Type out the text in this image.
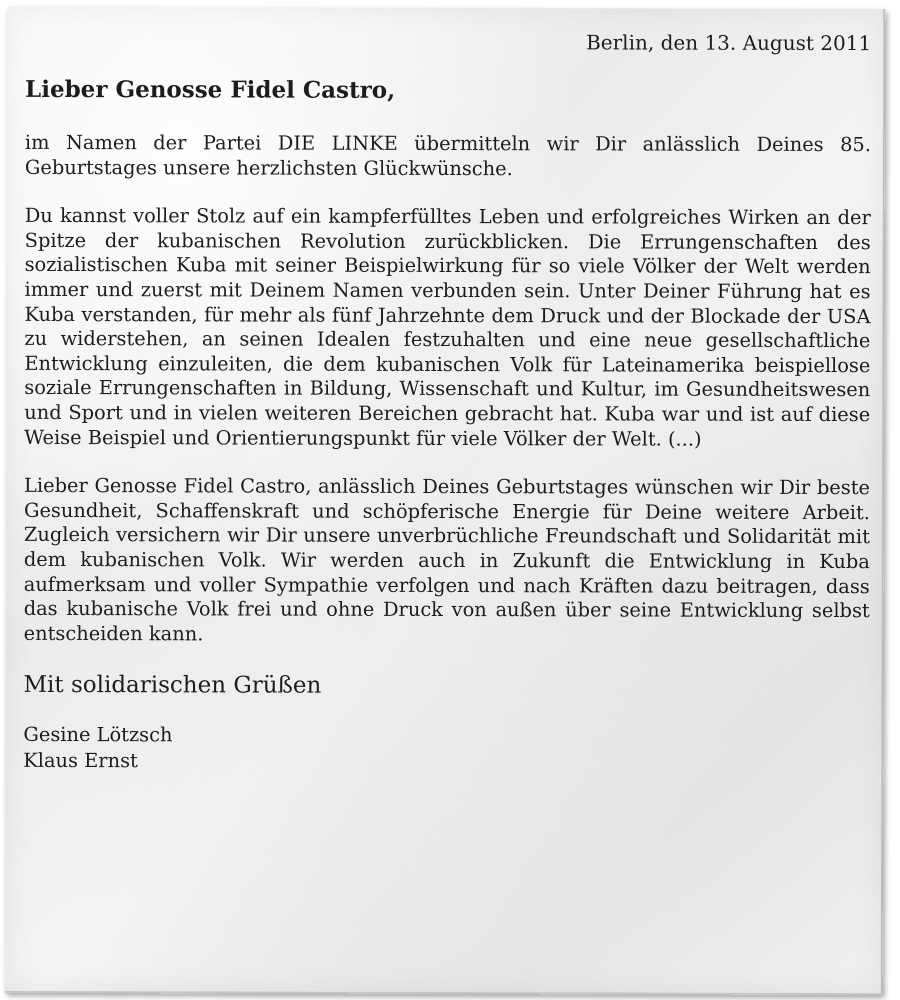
Berlin, den 13. August 2011

Lieber Genosse Fidel Castro,

im Namen der Partei DIE LINKE übermitteln wir Dir anlässlich Deines 85. Geburtstages unsere herzlichsten Glückwünsche.

Du kannst voller Stolz auf ein kampferfülltes Leben und erfolgreiches Wirken an der Spitze der kubanischen Revolution zurückblicken. Die Errungenschaften des sozialistischen Kuba mit seiner Beispielwirkung für so viele Völker der Welt werden immer und zuerst mit Deinem Namen verbunden sein. Unter Deiner Führung hat es Kuba verstanden, für mehr als fünf Jahrzehnte dem Druck und der Blockade der USA zu widerstehen, an seinen Idealen festzuhalten und eine neue gesellschaftliche Entwicklung einzuleiten, die dem kubanischen Volk für Lateinamerika beispiellose soziale Errungenschaften in Bildung, Wissenschaft und Kultur, im Gesundheitswesen und Sport und in vielen weiteren Bereichen gebracht hat. Kuba war und ist auf diese Weise Beispiel und Orientierungspunkt für viele Völker der Welt. (...)

Lieber Genosse Fidel Castro, anlässlich Deines Geburtstages wünschen wir Dir beste Gesundheit, Schaffenskraft und schöpferische Energie für Deine weitere Arbeit. Zugleich versichern wir Dir unsere unverbrüchliche Freundschaft und Solidarität mit dem kubanischen Volk. Wir werden auch in Zukunft die Entwicklung in Kuba aufmerksam und voller Sympathie verfolgen und nach Kräften dazu beitragen, dass das kubanische Volk frei und ohne Druck von außen über seine Entwicklung selbst entscheiden kann.

Mit solidarischen Grüßen

Gesine Lötzsch

Klaus Ernst
